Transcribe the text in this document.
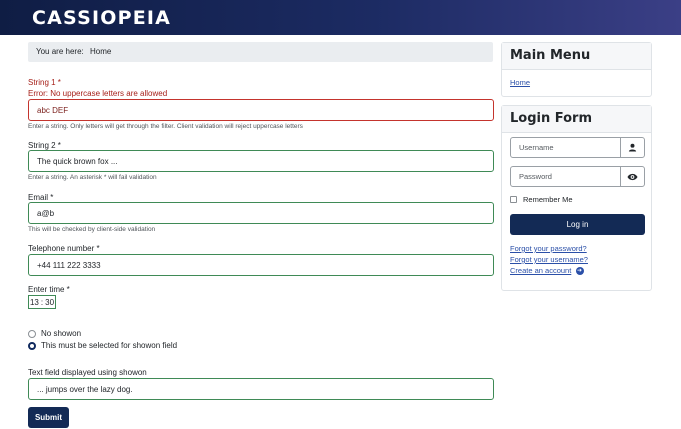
CASSIOPEIA
You are here: Home
String 1 *
Error: No uppercase letters are allowed
abc DEF
Enter a string. Only letters will get through the filter. Client validation will reject uppercase letters
String 2 *
The quick brown fox ...
Enter a string. An asterisk * will fail validation
Email *
a@b
This will be checked by client-side validation
Telephone number *
+44 111 222 3333
Enter time *
13 : 30
No showon
This must be selected for showon field
Text field displayed using showon
... jumps over the lazy dog.
Submit
Main Menu
Home
Login Form
Username
Password
Remember Me
Log in
Forgot your password?
Forgot your username?
Create an account ➜
